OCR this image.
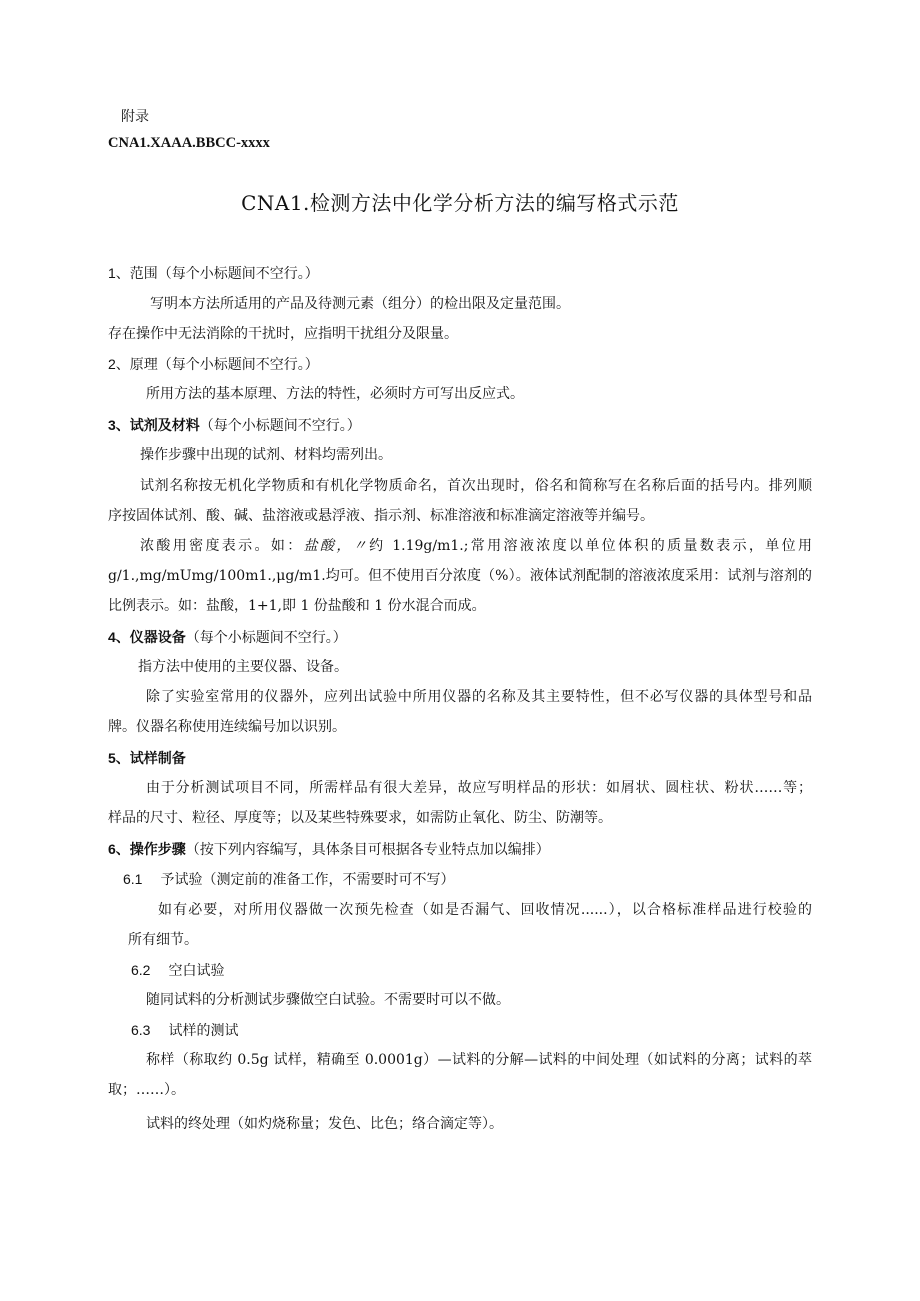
附录
CNA1.XAAA.BBCC-xxxx
CNA1.检测方法中化学分析方法的编写格式示范
1、范围（每个小标题间不空行。）
写明本方法所适用的产品及待测元素（组分）的检出限及定量范围。
存在操作中无法消除的干扰时，应指明干扰组分及限量。
2、原理（每个小标题间不空行。）
所用方法的基本原理、方法的特性，必须时方可写出反应式。
3、试剂及材料（每个小标题间不空行。）
操作步骤中出现的试剂、材料均需列出。
试剂名称按无机化学物质和有机化学物质命名，首次出现时，俗名和简称写在名称后面的括号内。排列顺
序按固体试剂、酸、碱、盐溶液或悬浮液、指示剂、标准溶液和标准滴定溶液等并编号。
浓酸用密度表示。如：盐酸，〃约 1.19g∕m1.;常用溶液浓度以单位体积的质量数表示，单位用
g∕1.,mg/mUmg∕100m1.,μg∕m1.均可。但不使用百分浓度（%）。液体试剂配制的溶液浓度采用：试剂与溶剂的
比例表示。如：盐酸，1+1,即 1 份盐酸和 1 份水混合而成。
4、仪器设备（每个小标题间不空行。）
指方法中使用的主要仪器、设备。
除了实验室常用的仪器外，应列出试验中所用仪器的名称及其主要特性，但不必写仪器的具体型号和品
牌。仪器名称使用连续编号加以识别。
5、试样制备
由于分析测试项目不同，所需样品有很大差异，故应写明样品的形状：如屑状、圆柱状、粉状……等；
样品的尺寸、粒径、厚度等；以及某些特殊要求，如需防止氧化、防尘、防潮等。
6、操作步骤（按下列内容编写，具体条目可根据各专业特点加以编排）
6.1 予试验（测定前的准备工作，不需要时可不写）
如有必要，对所用仪器做一次预先检查（如是否漏气、回收情况......），以合格标准样品进行校验的
所有细节。
6.2 空白试验
随同试料的分析测试步骤做空白试验。不需要时可以不做。
6.3 试样的测试
称样（称取约 0.5g 试样，精确至 0.0001g）—试料的分解—试料的中间处理（如试料的分离；试料的萃
取；……）。
试料的终处理（如灼烧称量；发色、比色；络合滴定等）。
